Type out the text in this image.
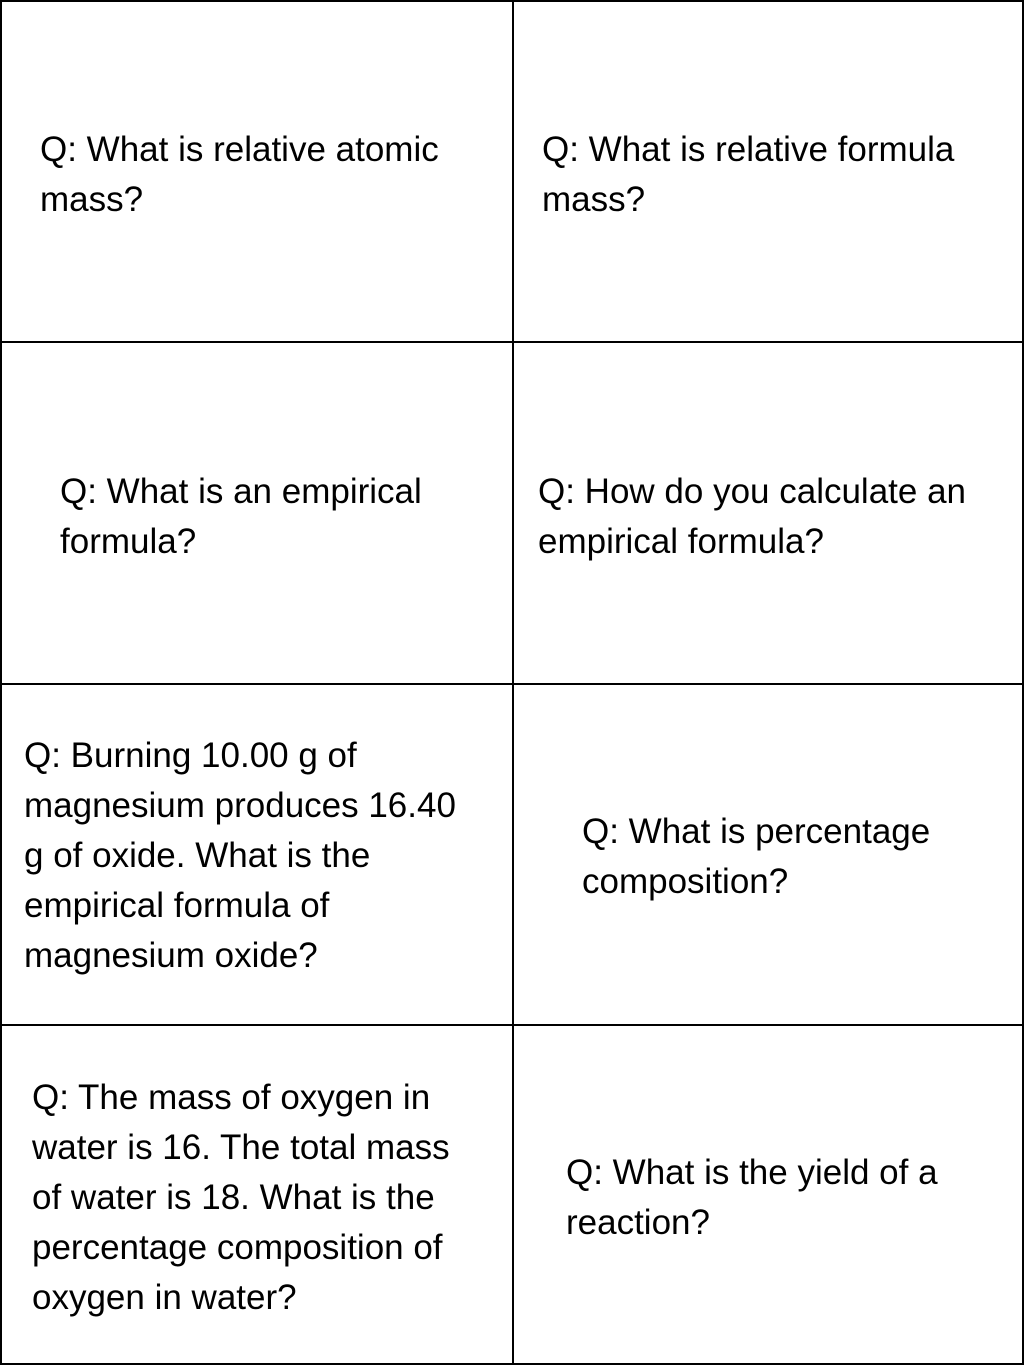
Q: What is relative atomic
mass?

Q: What is relative formula
mass?

Q: What is an empirical
formula?

Q: How do you calculate an
empirical formula?

Q: Burning 10.00 g of
magnesium produces 16.40
g of oxide. What is the
empirical formula of
magnesium oxide?

Q: What is percentage
composition?

Q: The mass of oxygen in
water is 16. The total mass
of water is 18. What is the
percentage composition of
oxygen in water?

Q: What is the yield of a
reaction?
